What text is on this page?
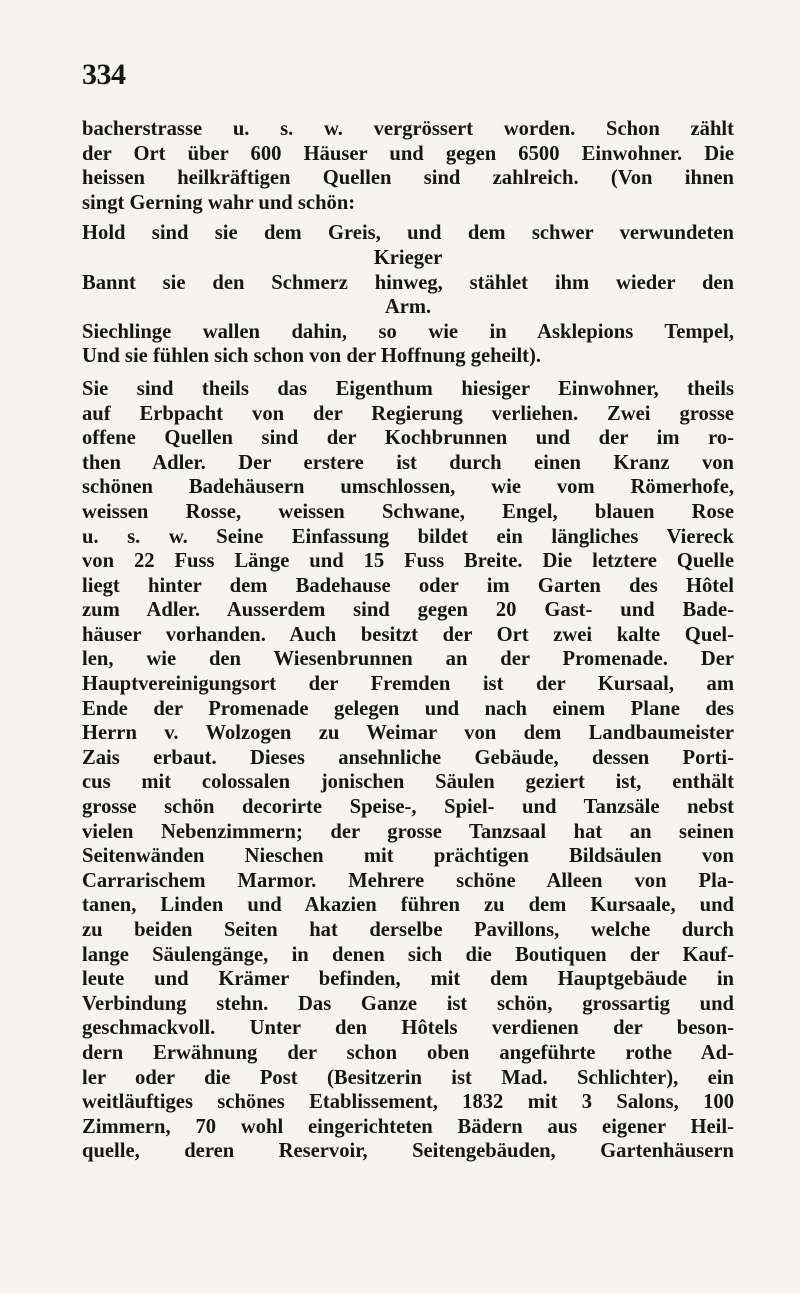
334
bacherstrasse u. s. w. vergrössert worden. Schon zählt
der Ort über 600 Häuser und gegen 6500 Einwohner. Die
heissen heilkräftigen Quellen sind zahlreich. (Von ihnen
singt Gerning wahr und schön:
Hold sind sie dem Greis, und dem schwer verwundeten
Krieger
Bannt sie den Schmerz hinweg, stählet ihm wieder den
Arm.
Siechlinge wallen dahin, so wie in Asklepions Tempel,
Und sie fühlen sich schon von der Hoffnung geheilt).
Sie sind theils das Eigenthum hiesiger Einwohner, theils
auf Erbpacht von der Regierung verliehen. Zwei grosse
offene Quellen sind der Kochbrunnen und der im ro-
then Adler. Der erstere ist durch einen Kranz von
schönen Badehäusern umschlossen, wie vom Römerhofe,
weissen Rosse, weissen Schwane, Engel, blauen Rose
u. s. w. Seine Einfassung bildet ein längliches Viereck
von 22 Fuss Länge und 15 Fuss Breite. Die letztere Quelle
liegt hinter dem Badehause oder im Garten des Hôtel
zum Adler. Ausserdem sind gegen 20 Gast- und Bade-
häuser vorhanden. Auch besitzt der Ort zwei kalte Quel-
len, wie den Wiesenbrunnen an der Promenade. Der
Hauptvereinigungsort der Fremden ist der Kursaal, am
Ende der Promenade gelegen und nach einem Plane des
Herrn v. Wolzogen zu Weimar von dem Landbaumeister
Zais erbaut. Dieses ansehnliche Gebäude, dessen Porti-
cus mit colossalen jonischen Säulen geziert ist, enthält
grosse schön decorirte Speise-, Spiel- und Tanzsäle nebst
vielen Nebenzimmern; der grosse Tanzsaal hat an seinen
Seitenwänden Nieschen mit prächtigen Bildsäulen von
Carrarischem Marmor. Mehrere schöne Alleen von Pla-
tanen, Linden und Akazien führen zu dem Kursaale, und
zu beiden Seiten hat derselbe Pavillons, welche durch
lange Säulengänge, in denen sich die Boutiquen der Kauf-
leute und Krämer befinden, mit dem Hauptgebäude in
Verbindung stehn. Das Ganze ist schön, grossartig und
geschmackvoll. Unter den Hôtels verdienen der beson-
dern Erwähnung der schon oben angeführte rothe Ad-
ler oder die Post (Besitzerin ist Mad. Schlichter), ein
weitläuftiges schönes Etablissement, 1832 mit 3 Salons, 100
Zimmern, 70 wohl eingerichteten Bädern aus eigener Heil-
quelle, deren Reservoir, Seitengebäuden, Gartenhäusern
